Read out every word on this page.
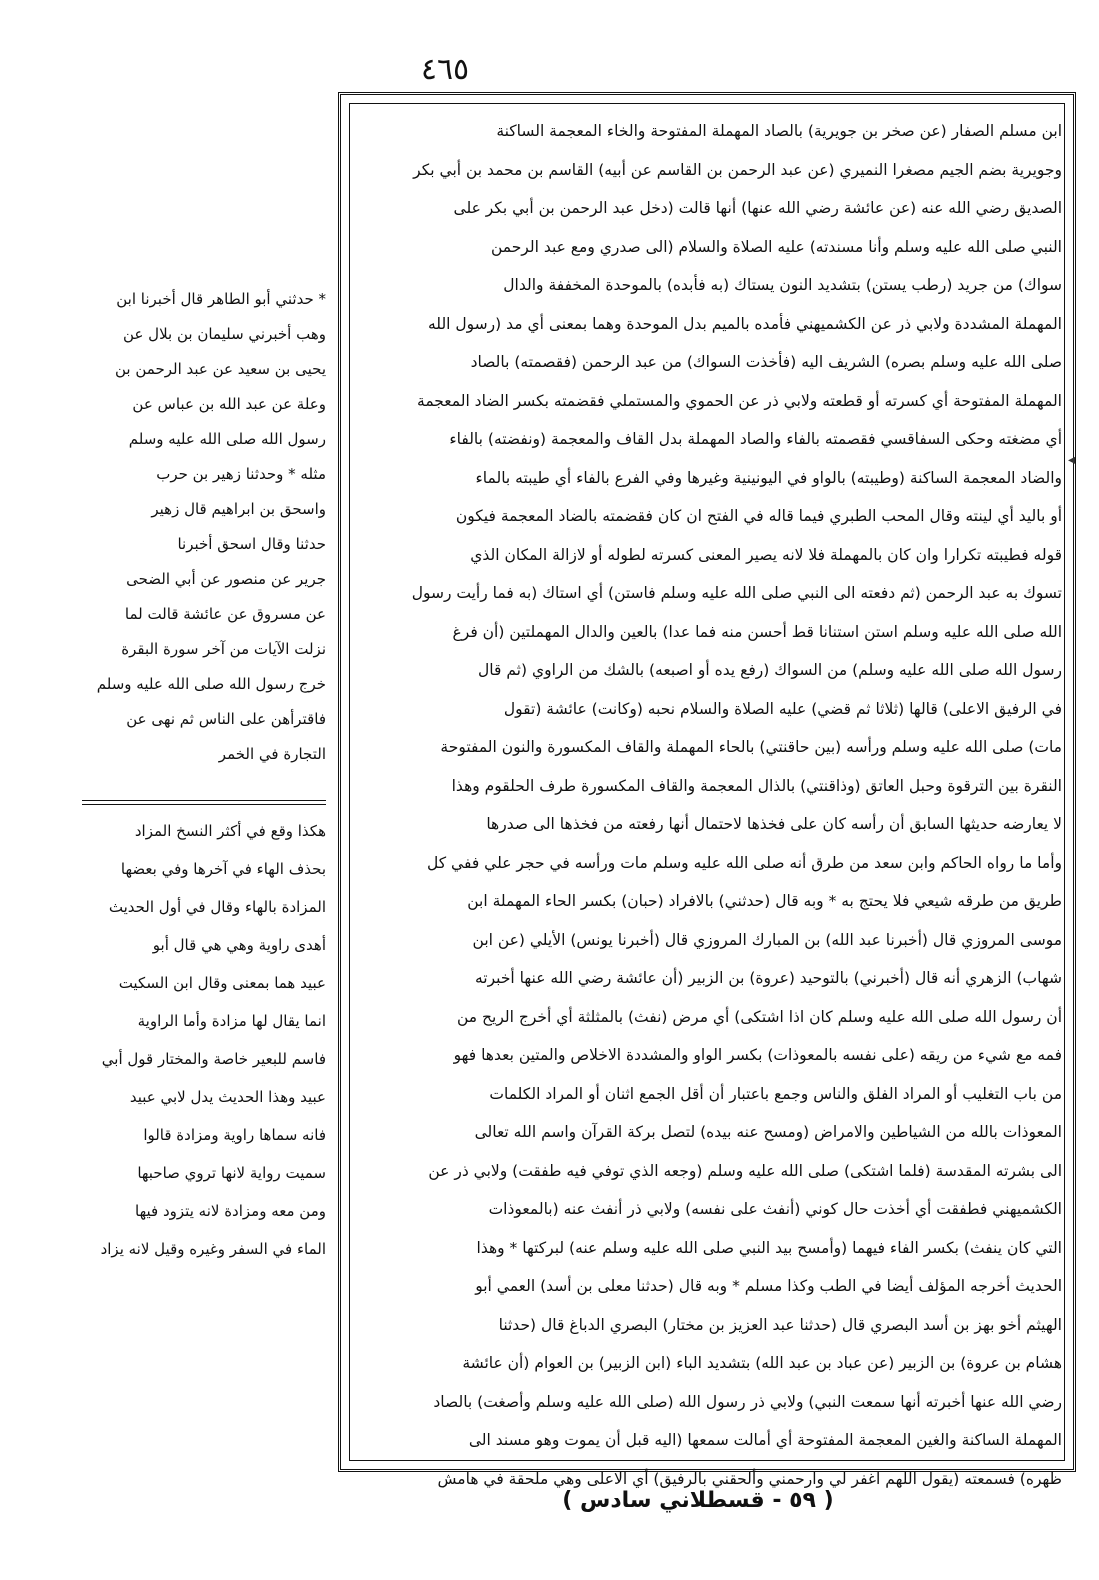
٤٦٥
ابن مسلم الصفار (عن صخر بن جويرية) بالصاد المهملة المفتوحة والخاء المعجمة الساكنة
وجويرية بضم الجيم مصغرا النميري (عن عبد الرحمن بن القاسم عن أبيه) القاسم بن محمد بن أبي بكر
الصديق رضي الله عنه (عن عائشة رضي الله عنها) أنها قالت (دخل عبد الرحمن بن أبي بكر على
النبي صلى الله عليه وسلم وأنا مسندته) عليه الصلاة والسلام (الى صدري ومع عبد الرحمن
سواك) من جريد (رطب يستن) بتشديد النون يستاك (به فأبده) بالموحدة المخففة والدال
المهملة المشددة ولابي ذر عن الكشميهني فأمده بالميم بدل الموحدة وهما بمعنى أي مد (رسول الله
صلى الله عليه وسلم بصره) الشريف اليه (فأخذت السواك) من عبد الرحمن (فقصمته) بالصاد
المهملة المفتوحة أي كسرته أو قطعته ولابي ذر عن الحموي والمستملي فقضمته بكسر الضاد المعجمة
أي مضغته وحكى السفاقسي فقصمته بالفاء والصاد المهملة بدل القاف والمعجمة (ونفضته) بالفاء
والضاد المعجمة الساكنة (وطيبته) بالواو في اليونينية وغيرها وفي الفرع بالفاء أي طيبته بالماء
أو باليد أي لينته وقال المحب الطبري فيما قاله في الفتح ان كان فقضمته بالضاد المعجمة فيكون
قوله فطيبته تكرارا وان كان بالمهملة فلا لانه يصير المعنى كسرته لطوله أو لازالة المكان الذي
تسوك به عبد الرحمن (ثم دفعته الى النبي صلى الله عليه وسلم فاستن) أي استاك (به فما رأيت رسول
الله صلى الله عليه وسلم استن استنانا قط أحسن منه فما عدا) بالعين والدال المهملتين (أن فرغ
رسول الله صلى الله عليه وسلم) من السواك (رفع يده أو اصبعه) بالشك من الراوي (ثم قال
في الرفيق الاعلى) قالها (ثلاثا ثم قضي) عليه الصلاة والسلام نحبه (وكانت) عائشة (تقول
مات) صلى الله عليه وسلم ورأسه (بين حاقنتي) بالحاء المهملة والقاف المكسورة والنون المفتوحة
النقرة بين الترقوة وحبل العاتق (وذاقنتي) بالذال المعجمة والقاف المكسورة طرف الحلقوم وهذا
لا يعارضه حديثها السابق أن رأسه كان على فخذها لاحتمال أنها رفعته من فخذها الى صدرها
وأما ما رواه الحاكم وابن سعد من طرق أنه صلى الله عليه وسلم مات ورأسه في حجر علي ففي كل
طريق من طرقه شيعي فلا يحتج به * وبه قال (حدثني) بالافراد (حبان) بكسر الحاء المهملة ابن
موسى المروزي قال (أخبرنا عبد الله) بن المبارك المروزي قال (أخبرنا يونس) الأيلي (عن ابن
شهاب) الزهري أنه قال (أخبرني) بالتوحيد (عروة) بن الزبير (أن عائشة رضي الله عنها أخبرته
أن رسول الله صلى الله عليه وسلم كان اذا اشتكى) أي مرض (نفث) بالمثلثة أي أخرج الريح من
فمه مع شيء من ريقه (على نفسه بالمعوذات) بكسر الواو والمشددة الاخلاص والمتين بعدها فهو
من باب التغليب أو المراد الفلق والناس وجمع باعتبار أن أقل الجمع اثنان أو المراد الكلمات
المعوذات بالله من الشياطين والامراض (ومسح عنه بيده) لتصل بركة القرآن واسم الله تعالى
الى بشرته المقدسة (فلما اشتكى) صلى الله عليه وسلم (وجعه الذي توفي فيه طفقت) ولابي ذر عن
الكشميهني فطفقت أي أخذت حال كوني (أنفث على نفسه) ولابي ذر أنفث عنه (بالمعوذات
التي كان ينفث) بكسر الفاء فيهما (وأمسح بيد النبي صلى الله عليه وسلم عنه) لبركتها * وهذا
الحديث أخرجه المؤلف أيضا في الطب وكذا مسلم * وبه قال (حدثنا معلى بن أسد) العمي أبو
الهيثم أخو بهز بن أسد البصري قال (حدثنا عبد العزيز بن مختار) البصري الدباغ قال (حدثنا
هشام بن عروة) بن الزبير (عن عباد بن عبد الله) بتشديد الباء (ابن الزبير) بن العوام (أن عائشة
رضي الله عنها أخبرته أنها سمعت النبي) ولابي ذر رسول الله (صلى الله عليه وسلم وأصغت) بالصاد
المهملة الساكنة والغين المعجمة المفتوحة أي أمالت سمعها (اليه قبل أن يموت وهو مسند الى
ظهره) فسمعته (يقول اللهم اغفر لي وارحمني وألحقني بالرفيق) أي الاعلى وهي ملحقة في هامش
◂
* حدثني أبو الطاهر قال أخبرنا ابن
وهب أخبرني سليمان بن بلال عن
يحيى بن سعيد عن عبد الرحمن بن
وعلة عن عبد الله بن عباس عن
رسول الله صلى الله عليه وسلم
مثله * وحدثنا زهير بن حرب
واسحق بن ابراهيم قال زهير
حدثنا وقال اسحق أخبرنا
جرير عن منصور عن أبي الضحى
عن مسروق عن عائشة قالت لما
نزلت الآيات من آخر سورة البقرة
خرج رسول الله صلى الله عليه وسلم
فاقترأهن على الناس ثم نهى عن
التجارة في الخمر
هكذا وقع في أكثر النسخ المزاد
بحذف الهاء في آخرها وفي بعضها
المزادة بالهاء وقال في أول الحديث
أهدى راوية وهي هي قال أبو
عبيد هما بمعنى وقال ابن السكيت
انما يقال لها مزادة وأما الراوية
فاسم للبعير خاصة والمختار قول أبي
عبيد وهذا الحديث يدل لابي عبيد
فانه سماها راوية ومزادة قالوا
سميت رواية لانها تروي صاحبها
ومن معه ومزادة لانه يتزود فيها
الماء في السفر وغيره وقيل لانه يزاد
( ٥٩ - قسطلاني سادس )
